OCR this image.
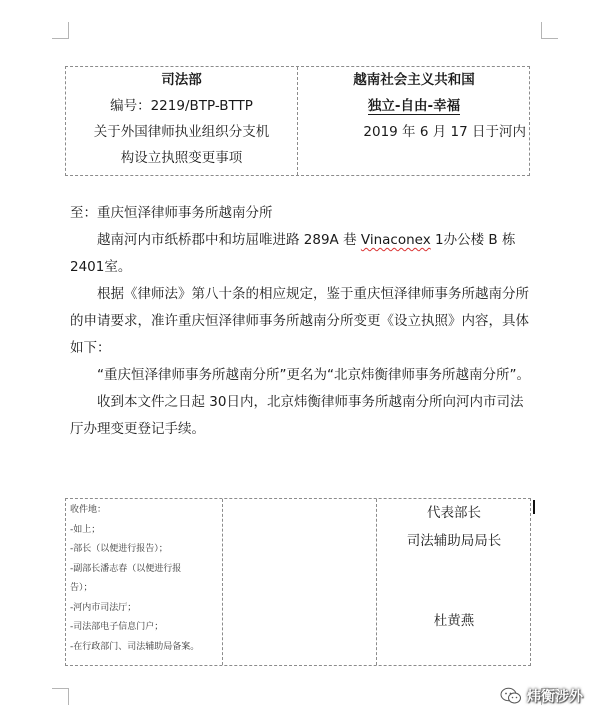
司法部
编号：2219/BTP-BTTP
关于外国律师执业组织分支机
构设立执照变更事项
越南社会主义共和国
独立-自由-幸福
2019 年 6 月 17 日于河内

至：重庆恒泽律师事务所越南分所

越南河内市纸桥郡中和坊屈唯进路 289A 巷 Vinaconex 1办公楼 B 栋 2401室。

根据《律师法》第八十条的相应规定，鉴于重庆恒泽律师事务所越南分所的申请要求，准许重庆恒泽律师事务所越南分所变更《设立执照》内容，具体如下：

“重庆恒泽律师事务所越南分所”更名为“北京炜衡律师事务所越南分所”。

收到本文件之日起 30日内，北京炜衡律师事务所越南分所向河内市司法厅办理变更登记手续。

收件地：
-如上；
-部长（以便进行报告）；
-副部长潘志春（以便进行报
告）；
-河内市司法厅；
-司法部电子信息门户；
-在行政部门、司法辅助局备案。
代表部长
司法辅助局局长
杜黄燕
炜衡涉外
